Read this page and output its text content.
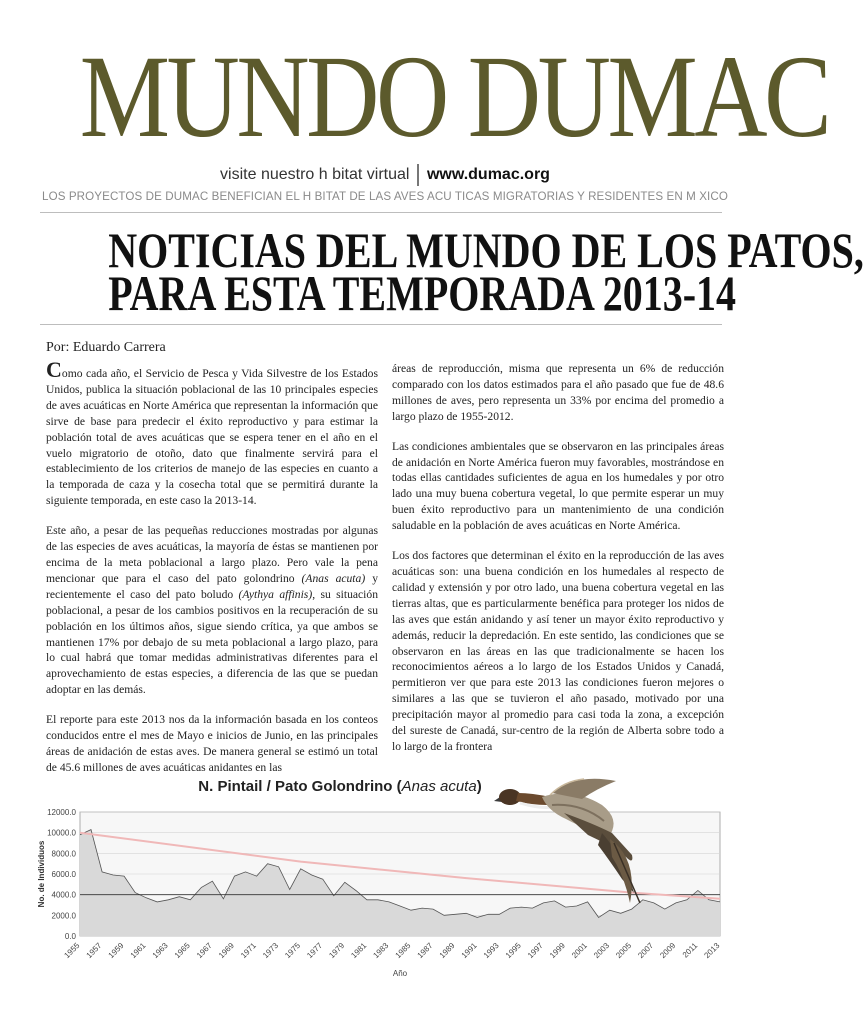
MUNDO DUMAC
visite nuestro h bitat virtual www.dumac.org
LOS PROYECTOS DE DUMAC BENEFICIAN EL H BITAT DE LAS AVES ACU TICAS MIGRATORIAS Y RESIDENTES EN M XICO
NOTICIAS DEL MUNDO DE LOS PATOS,
PARA ESTA TEMPORADA 2013-14
Por: Eduardo Carrera

Como cada año, el Servicio de Pesca y Vida Silvestre de los Estados Unidos, publica la situación poblacional de las 10 principales especies de aves acuáticas en Norte América que representan la información que sirve de base para predecir el éxito reproductivo y para estimar la población total de aves acuáticas que se espera tener en el año en el vuelo migratorio de otoño, dato que finalmente servirá para el establecimiento de los criterios de manejo de las especies en cuanto a la temporada de caza y la cosecha total que se permitirá durante la siguiente temporada, en este caso la 2013-14.

Este año, a pesar de las pequeñas reducciones mostradas por algunas de las especies de aves acuáticas, la mayoría de éstas se mantienen por encima de la meta poblacional a largo plazo. Pero vale la pena mencionar que para el caso del pato golondrino (Anas acuta) y recientemente el caso del pato boludo (Aythya affinis), su situación poblacional, a pesar de los cambios positivos en la recuperación de su población en los últimos años, sigue siendo crítica, ya que ambos se mantienen 17% por debajo de su meta poblacional a largo plazo, para lo cual habrá que tomar medidas administrativas diferentes para el aprovechamiento de estas especies, a diferencia de las que se puedan adoptar en las demás.

El reporte para este 2013 nos da la información basada en los conteos conducidos entre el mes de Mayo e inicios de Junio, en las principales áreas de anidación de estas aves. De manera general se estimó un total de 45.6 millones de aves acuáticas anidantes en las

áreas de reproducción, misma que representa un 6% de reducción comparado con los datos estimados para el año pasado que fue de 48.6 millones de aves, pero representa un 33% por encima del promedio a largo plazo de 1955-2012.

Las condiciones ambientales que se observaron en las principales áreas de anidación en Norte América fueron muy favorables, mostrándose en todas ellas cantidades suficientes de agua en los humedales y por otro lado una muy buena cobertura vegetal, lo que permite esperar un muy buen éxito reproductivo para un mantenimiento de una condición saludable en la población de aves acuáticas en Norte América.

Los dos factores que determinan el éxito en la reproducción de las aves acuáticas son: una buena condición en los humedales al respecto de calidad y extensión y por otro lado, una buena cobertura vegetal en las tierras altas, que es particularmente benéfica para proteger los nidos de las aves que están anidando y así tener un mayor éxito reproductivo y además, reducir la depredación. En este sentido, las condiciones que se observaron en las áreas en las que tradicionalmente se hacen los reconocimientos aéreos a lo largo de los Estados Unidos y Canadá, permitieron ver que para este 2013 las condiciones fueron mejores o similares a las que se tuvieron el año pasado, motivado por una precipitación mayor al promedio para casi toda la zona, a excepción del sureste de Canadá, sur-centro de la región de Alberta sobre todo a lo largo de la frontera

N. Pintail / Pato Golondrino (Anas acuta)
0.0
2000.0
4000.0
6000.0
8000.0
10000.0
12000.0
1955 1957 1959 1961 1963 1965 1967 1969 1971 1973 1975 1977 1979 1981 1983 1985 1987 1989 1991 1993 1995 1997 1999 2001 2003 2005 2007 2009 2011 2013
Año
No. de Individuos
